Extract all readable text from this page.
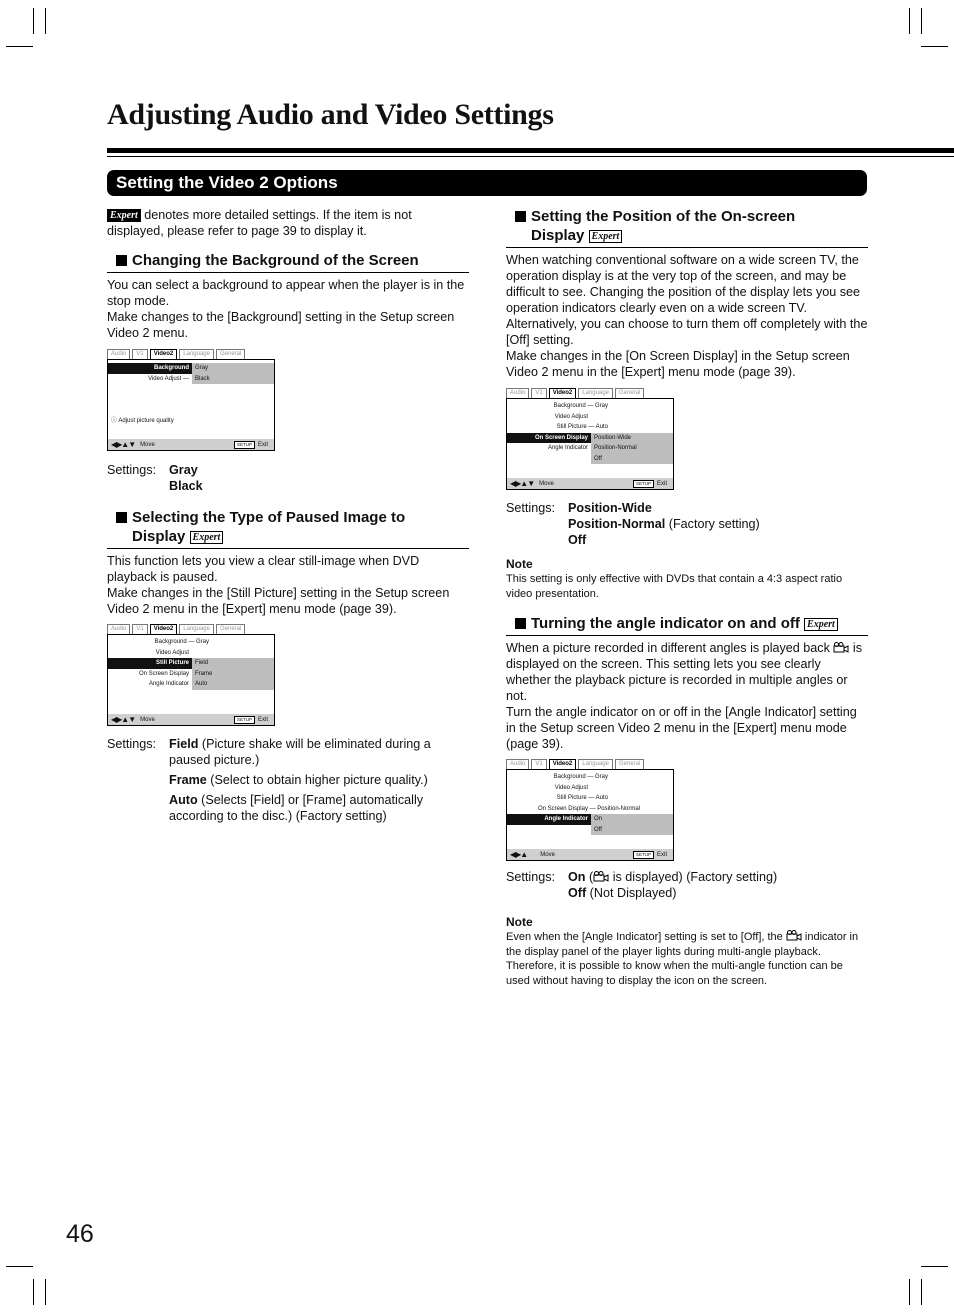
Adjusting Audio and Video Settings
Setting the Video 2 Options

Expert denotes more detailed settings. If the item is not displayed, please refer to page 39 to display it.

Changing the Background of the Screen

You can select a background to appear when the player is in the stop mode.

Make changes to the [Background] setting in the Setup screen Video 2 menu.

Audio	V1	Video2	Language	General
Background	Gray
Video Adjust —	Black
ⓘ Adjust picture quality
◀▶▲▼ Move	SETUP	Exit
Settings:	Gray
Black
Selecting the Type of Paused Image to
Display Expert

This function lets you view a clear still-image when DVD playback is paused.

Make changes in the [Still Picture] setting in the Setup screen Video 2 menu in the [Expert] menu mode (page 39).

Audio	V1	Video2	Language	General
Background — Gray
Video Adjust
Still Picture	Field
On Screen Display	Frame
Angle Indicator	Auto
◀▶▲▼ Move	SETUP	Exit
Settings:	Field (Picture shake will be eliminated during a paused picture.)
Frame (Select to obtain higher picture quality.)
Auto (Selects [Field] or [Frame] automatically according to the disc.) (Factory setting)
Setting the Position of the On-screen
Display Expert

When watching conventional software on a wide screen TV, the operation display is at the very top of the screen, and may be difficult to see. Changing the position of the display lets you see operation indicators clearly even on a wide screen TV.

Alternatively, you can choose to turn them off completely with the [Off] setting.

Make changes in the [On Screen Display] in the Setup screen Video 2 menu in the [Expert] menu mode (page 39).

Audio	V1	Video2	Language	General
Background — Gray
Video Adjust
Still Picture — Auto
On Screen Display	Position-Wide
Angle Indicator	Position-Normal
Off
◀▶▲▼ Move	SETUP	Exit
Settings:	Position-Wide
Position-Normal (Factory setting)
Off
Note
This setting is only effective with DVDs that contain a 4:3 aspect ratio video presentation.
Turning the angle indicator on and off Expert

When a picture recorded in different angles is played back  is displayed on the screen. This setting lets you see clearly whether the playback picture is recorded in multiple angles or not.

Turn the angle indicator on or off in the [Angle Indicator] setting in the Setup screen Video 2 menu in the [Expert] menu mode (page 39).

Audio	V1	Video2	Language	General
Background — Gray
Video Adjust
Still Picture — Auto
On Screen Display — Position-Normal
Angle Indicator	On
Off
◀▶▲ Move	SETUP	Exit
Settings:	On ( is displayed) (Factory setting)
Off (Not Displayed)
Note
Even when the [Angle Indicator] setting is set to [Off], the  indicator in the display panel of the player lights during multi-angle playback. Therefore, it is possible to know when the multi-angle function can be used without having to display the icon on the screen.
46
